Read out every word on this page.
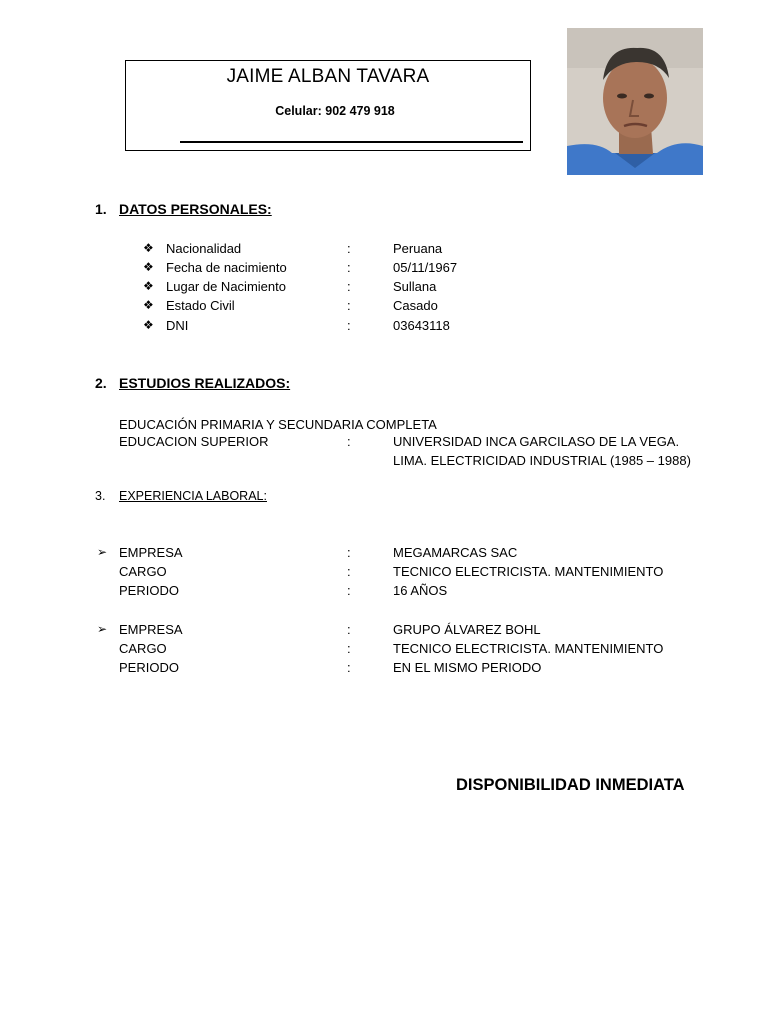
JAIME ALBAN TAVARA
Celular: 902 479 918
1. DATOS PERSONALES:
❖ Nacionalidad	:	Peruana
❖ Fecha de nacimiento	:	05/11/1967
❖ Lugar de Nacimiento	:	Sullana
❖ Estado Civil	:	Casado
❖ DNI	:	03643118
2. ESTUDIOS REALIZADOS:
EDUCACIÓN PRIMARIA Y SECUNDARIA COMPLETA
EDUCACION SUPERIOR	:	UNIVERSIDAD INCA GARCILASO DE LA VEGA.
LIMA. ELECTRICIDAD INDUSTRIAL (1985 – 1988)
3. EXPERIENCIA LABORAL:
➢ EMPRESA	:	MEGAMARCAS SAC
CARGO	:	TECNICO ELECTRICISTA. MANTENIMIENTO
PERIODO	:	16 AÑOS
➢ EMPRESA	:	GRUPO ÁLVAREZ BOHL
CARGO	:	TECNICO ELECTRICISTA. MANTENIMIENTO
PERIODO	:	EN EL MISMO PERIODO
DISPONIBILIDAD INMEDIATA
